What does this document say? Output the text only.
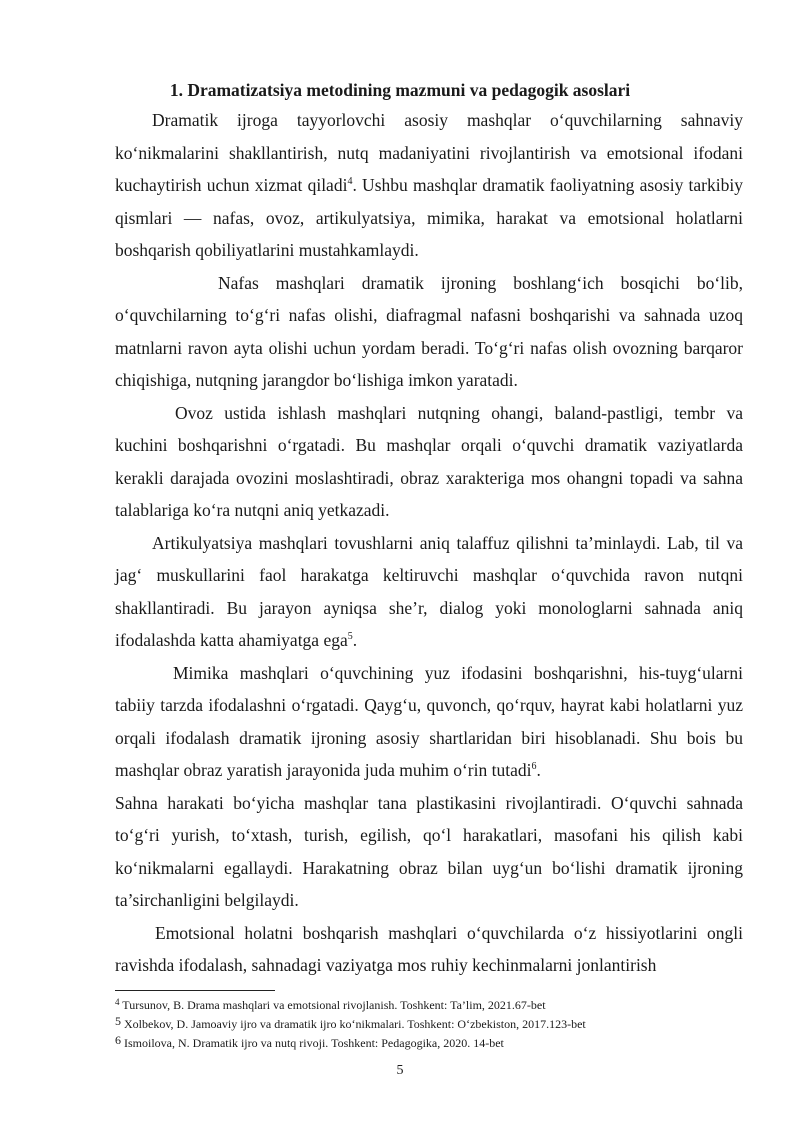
1. Dramatizatsiya metodining mazmuni va pedagogik asoslari

Dramatik ijroga tayyorlovchi asosiy mashqlar o‘quvchilarning sahnaviy ko‘nikmalarini shakllantirish, nutq madaniyatini rivojlantirish va emotsional ifodani kuchaytirish uchun xizmat qiladi$^4$. Ushbu mashqlar dramatik faoliyatning asosiy tarkibiy qismlari — nafas, ovoz, artikulyatsiya, mimika, harakat va emotsional holatlarni boshqarish qobiliyatlarini mustahkamlaydi.

Nafas mashqlari dramatik ijroning boshlang‘ich bosqichi bo‘lib, o‘quvchilarning to‘g‘ri nafas olishi, diafragmal nafasni boshqarishi va sahnada uzoq matnlarni ravon ayta olishi uchun yordam beradi. To‘g‘ri nafas olish ovozning barqaror chiqishiga, nutqning jarangdor bo‘lishiga imkon yaratadi.

Ovoz ustida ishlash mashqlari nutqning ohangi, baland-pastligi, tembr va kuchini boshqarishni o‘rgatadi. Bu mashqlar orqali o‘quvchi dramatik vaziyatlarda kerakli darajada ovozini moslashtiradi, obraz xarakteriga mos ohangni topadi va sahna talablariga ko‘ra nutqni aniq yetkazadi.

Artikulyatsiya mashqlari tovushlarni aniq talaffuz qilishni ta’minlaydi. Lab, til va jag‘ muskullarini faol harakatga keltiruvchi mashqlar o‘quvchida ravon nutqni shakllantiradi. Bu jarayon ayniqsa she’r, dialog yoki monologlarni sahnada aniq ifodalashda katta ahamiyatga ega$^5$.

Mimika mashqlari o‘quvchining yuz ifodasini boshqarishni, his-tuyg‘ularni tabiiy tarzda ifodalashni o‘rgatadi. Qayg‘u, quvonch, qo‘rquv, hayrat kabi holatlarni yuz orqali ifodalash dramatik ijroning asosiy shartlaridan biri hisoblanadi. Shu bois bu mashqlar obraz yaratish jarayonida juda muhim o‘rin tutadi$^6$.

Sahna harakati bo‘yicha mashqlar tana plastikasini rivojlantiradi. O‘quvchi sahnada to‘g‘ri yurish, to‘xtash, turish, egilish, qo‘l harakatlari, masofani his qilish kabi ko‘nikmalarni egallaydi. Harakatning obraz bilan uyg‘un bo‘lishi dramatik ijroning ta’sirchanligini belgilaydi.

Emotsional holatni boshqarish mashqlari o‘quvchilarda o‘z hissiyotlarini ongli ravishda ifodalash, sahnadagi vaziyatga mos ruhiy kechinmalarni jonlantirish

$^4$ Tursunov, B. Drama mashqlari va emotsional rivojlanish. Toshkent: Ta’lim, 2021.67-bet

$^5$ Xolbekov, D. Jamoaviy ijro va dramatik ijro ko‘nikmalari. Toshkent: O‘zbekiston, 2017.123-bet

$^6$ Ismoilova, N. Dramatik ijro va nutq rivoji. Toshkent: Pedagogika, 2020. 14-bet

5
